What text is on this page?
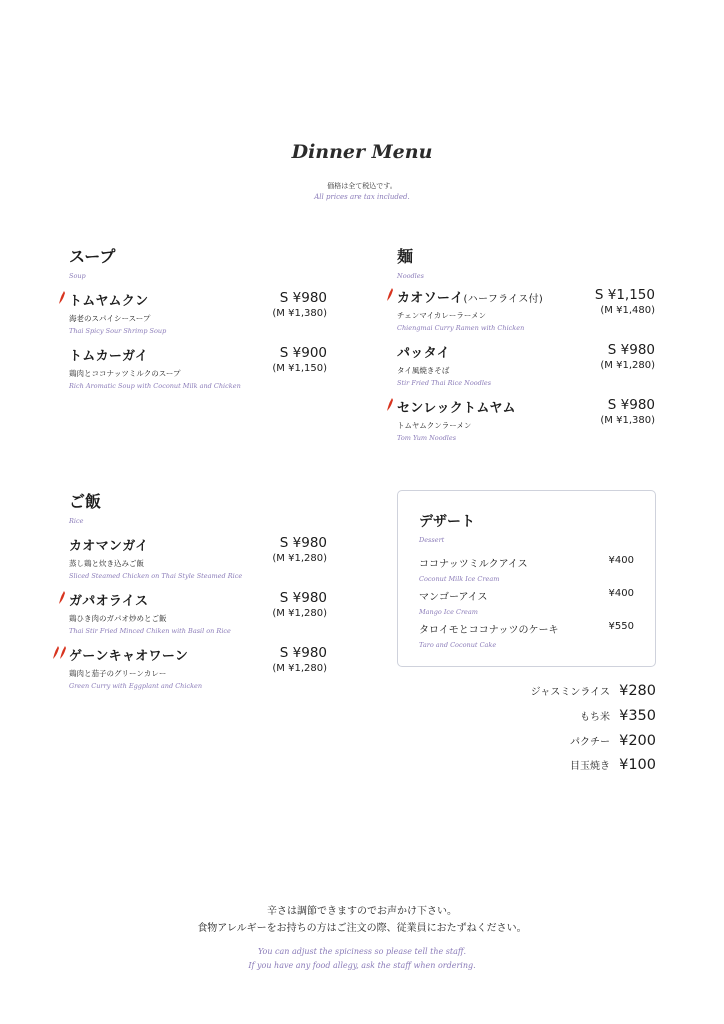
Dinner Menu
価格は全て税込です。
All prices are tax included.
スープ
Soup
トムヤムクン
海老のスパイシースープ
Thai Spicy Sour Shrimp Soup
S ¥980
(M ¥1,380)
トムカーガイ
鶏肉とココナッツミルクのスープ
Rich Aromatic Soup with Coconut Milk and Chicken
S ¥900
(M ¥1,150)
麺
Noodles
カオソーイ(ハーフライス付)
チェンマイカレーラーメン
Chiengmai Curry Ramen with Chicken
S ¥1,150
(M ¥1,480)
パッタイ
タイ風焼きそば
Stir Fried Thai Rice Noodles
S ¥980
(M ¥1,280)
センレックトムヤム
トムヤムクンラーメン
Tom Yum Noodles
S ¥980
(M ¥1,380)
ご飯
Rice
カオマンガイ
蒸し鶏と炊き込みご飯
Sliced Steamed Chicken on Thai Style Steamed Rice
S ¥980
(M ¥1,280)
ガパオライス
鶏ひき肉のガパオ炒めとご飯
Thai Stir Fried Minced Chiken with Basil on Rice
S ¥980
(M ¥1,280)
ゲーンキャオワーン
鶏肉と茄子のグリーンカレー
Green Curry with Eggplant and Chicken
S ¥980
(M ¥1,280)
デザート
Dessert
ココナッツミルクアイス
Coconut Milk Ice Cream
¥400
マンゴーアイス
Mango Ice Cream
¥400
タロイモとココナッツのケーキ
Taro and Coconut Cake
¥550
ジャスミンライス ¥280
もち米 ¥350
パクチー ¥200
目玉焼き ¥100
辛さは調節できますのでお声かけ下さい。
食物アレルギーをお持ちの方はご注文の際、従業員におたずねください。
You can adjust the spiciness so please tell the staff.
If you have any food allegy, ask the staff when ordering.
